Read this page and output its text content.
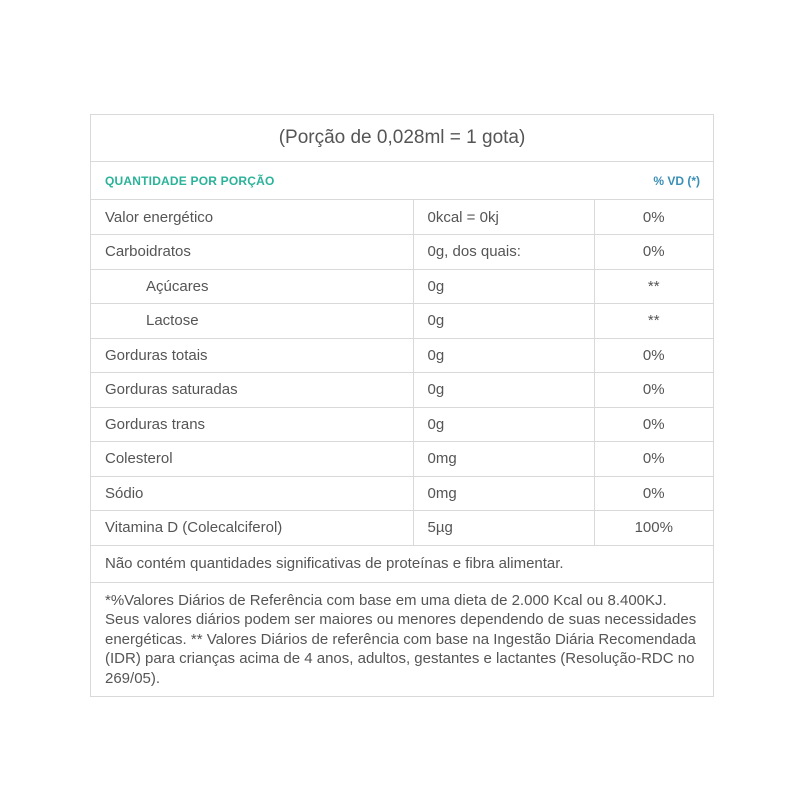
(Porção de 0,028ml = 1 gota)
QUANTIDADE POR PORÇÃO	% VD (*)
Valor energético	0kcal = 0kj	0%
Carboidratos	0g, dos quais:	0%
Açúcares	0g	**
Lactose	0g	**
Gorduras totais	0g	0%
Gorduras saturadas	0g	0%
Gorduras trans	0g	0%
Colesterol	0mg	0%
Sódio	0mg	0%
Vitamina D (Colecalciferol)	5µg	100%
Não contém quantidades significativas de proteínas e fibra alimentar.
*%Valores Diários de Referência com base em uma dieta de 2.000 Kcal ou 8.400KJ. Seus valores diários podem ser maiores ou menores dependendo de suas necessidades energéticas. ** Valores Diários de referência com base na Ingestão Diária Recomendada (IDR) para crianças acima de 4 anos, adultos, gestantes e lactantes (Resolução-RDC no 269/05).
